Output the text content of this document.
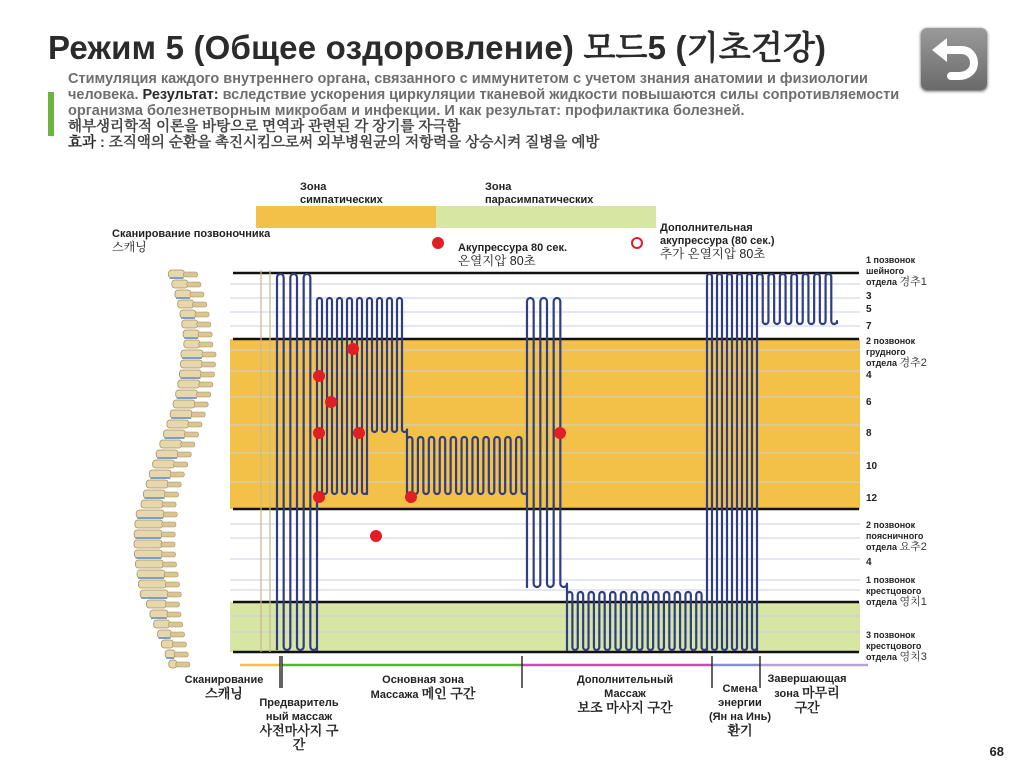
Режим 5 (Общее оздоровление) 모드5 (기초건강)
Стимуляция каждого внутреннего органа, связанного с иммунитетом с учетом знания анатомии и физиологии человека. Результат: вследствие ускорения циркуляции тканевой жидкости повышаются силы сопротивляемости организма болезнетворным микробам и инфекции. И как результат: профилактика болезней.
해부생리학적 이론을 바탕으로 면역과 관련된 각 장기를 자극함
효과 : 조직액의 순환을 촉진시킴으로써 외부병원균의 저항력을 상승시켜 질병을 예방
Зона
симпатических
Зона
парасимпатических
Акупрессура 80 сек.
온열지압 80초
Дополнительная
акупрессура (80 сек.)
추가 온열지압 80초
Сканирование позвоночника
스캐닝
1 позвонок
шейного
отдела 경추1
3
5
7
2 позвонок
грудного
отдела 경추2
4
6
8
10
12
2 позвонок
поясничного
отдела 요추2
4
1 позвонок
крестцового
отдела 영치1
3 позвонок
крестцового
отдела 영치3
Сканирование
스캐닝
Предваритель
ный массаж
사전마사지 구
간
Основная зона
Массажа 메인 구간
Дополнительный
Массаж
보조 마사지 구간
Смена
энергии
(Ян на Инь)
환기
Завершающая
зона 마무리
구간
68
